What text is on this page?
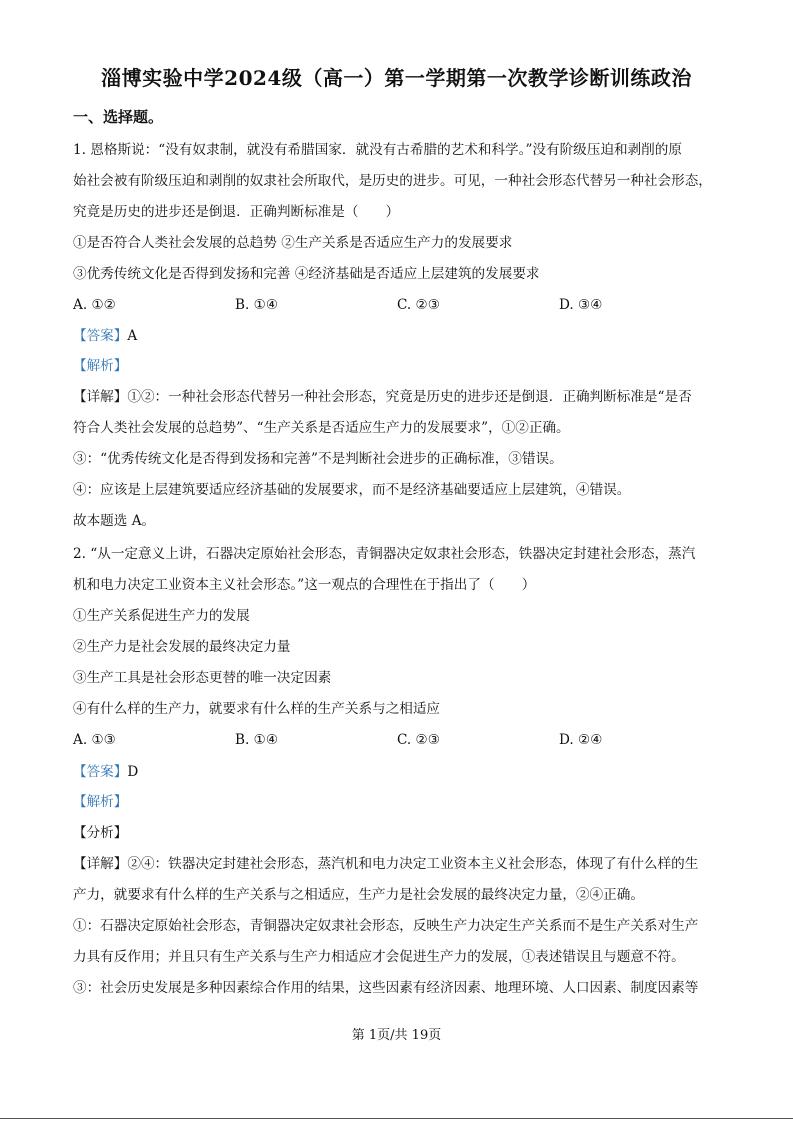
淄博实验中学2024级（高一）第一学期第一次教学诊断训练政治
一、选择题。
1. 恩格斯说：“没有奴隶制，就没有希腊国家．就没有古希腊的艺术和科学。”没有阶级压迫和剥削的原
始社会被有阶级压迫和剥削的奴隶社会所取代，是历史的进步。可见，一种社会形态代替另一种社会形态，
究竟是历史的进步还是倒退．正确判断标准是（　　）
①是否符合人类社会发展的总趋势 ②生产关系是否适应生产力的发展要求
③优秀传统文化是否得到发扬和完善 ④经济基础是否适应上层建筑的发展要求
A. ①②	B. ①④	C. ②③	D. ③④
【答案】A
【解析】
【详解】①②：一种社会形态代替另一种社会形态，究竟是历史的进步还是倒退．正确判断标准是“是否
符合人类社会发展的总趋势”、“生产关系是否适应生产力的发展要求”，①②正确。
③：“优秀传统文化是否得到发扬和完善”不是判断社会进步的正确标准，③错误。
④：应该是上层建筑要适应经济基础的发展要求，而不是经济基础要适应上层建筑，④错误。
故本题选 A。
2. “从一定意义上讲，石器决定原始社会形态，青铜器决定奴隶社会形态，铁器决定封建社会形态，蒸汽
机和电力决定工业资本主义社会形态。”这一观点的合理性在于指出了（　　）
①生产关系促进生产力的发展
②生产力是社会发展的最终决定力量
③生产工具是社会形态更替的唯一决定因素
④有什么样的生产力，就要求有什么样的生产关系与之相适应
A. ①③	B. ①④	C. ②③	D. ②④
【答案】D
【解析】
【分析】
【详解】②④：铁器决定封建社会形态，蒸汽机和电力决定工业资本主义社会形态，体现了有什么样的生
产力，就要求有什么样的生产关系与之相适应，生产力是社会发展的最终决定力量，②④正确。
①：石器决定原始社会形态，青铜器决定奴隶社会形态，反映生产力决定生产关系而不是生产关系对生产
力具有反作用；并且只有生产关系与生产力相适应才会促进生产力的发展，①表述错误且与题意不符。
③：社会历史发展是多种因素综合作用的结果，这些因素有经济因素、地理环境、人口因素、制度因素等
第 1页/共 19页
